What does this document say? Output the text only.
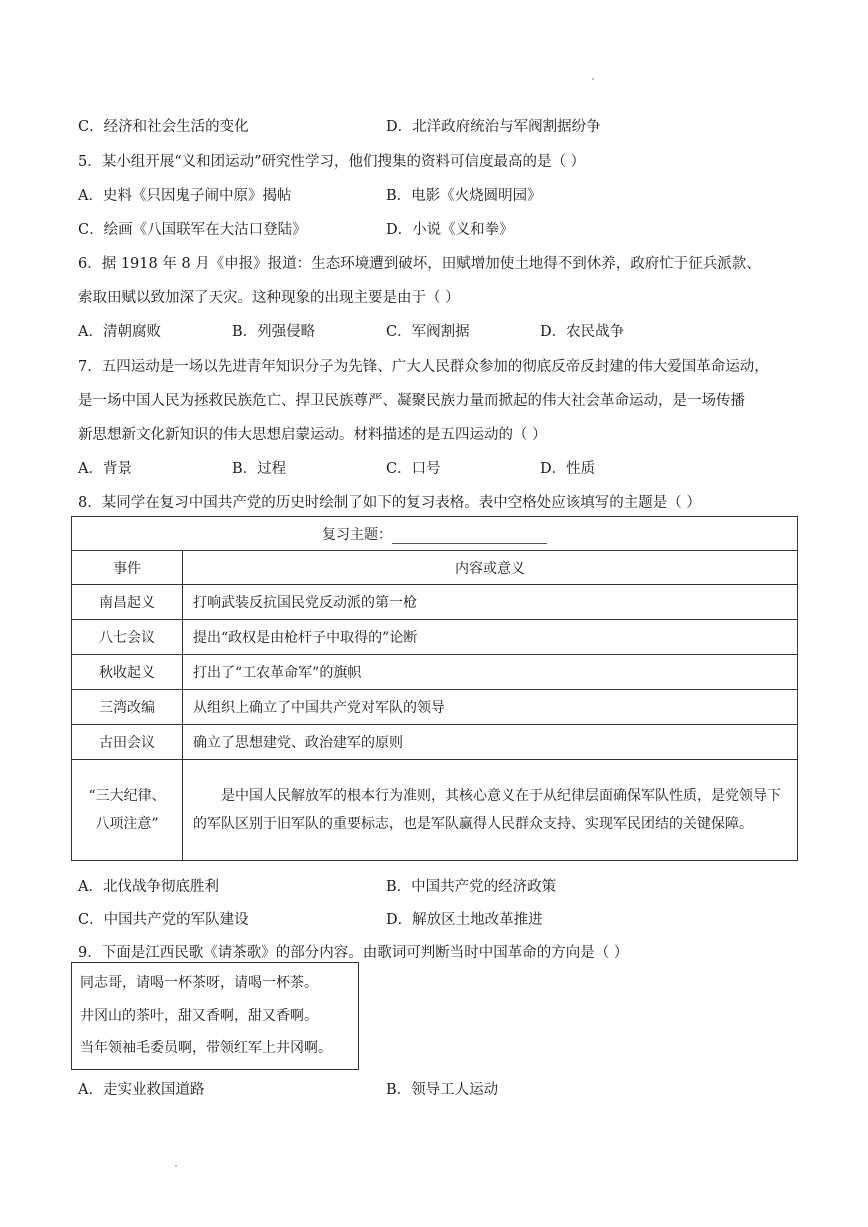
C．经济和社会生活的变化	D．北洋政府统治与军阀割据纷争
5．某小组开展“义和团运动”研究性学习，他们搜集的资料可信度最高的是（ ）
A．史料《只因鬼子闹中原》揭帖	B．电影《火烧圆明园》
C．绘画《八国联军在大沽口登陆》	D．小说《义和拳》
6．据 1918 年 8 月《申报》报道：生态环境遭到破坏，田赋增加使土地得不到休养，政府忙于征兵派款、
索取田赋以致加深了天灾。这种现象的出现主要是由于（ ）
A．清朝腐败	B．列强侵略	C．军阀割据	D．农民战争
7．五四运动是一场以先进青年知识分子为先锋、广大人民群众参加的彻底反帝反封建的伟大爱国革命运动，
是一场中国人民为拯救民族危亡、捍卫民族尊严、凝聚民族力量而掀起的伟大社会革命运动，是一场传播
新思想新文化新知识的伟大思想启蒙运动。材料描述的是五四运动的（ ）
A．背景	B．过程	C．口号	D．性质
8．某同学在复习中国共产党的历史时绘制了如下的复习表格。表中空格处应该填写的主题是（ ）
复习主题：	
事件	内容或意义
南昌起义	打响武装反抗国民党反动派的第一枪
八七会议	提出“政权是由枪杆子中取得的”论断
秋收起义	打出了“工农革命军”的旗帜
三湾改编	从组织上确立了中国共产党对军队的领导
古田会议	确立了思想建党、政治建军的原则

“三大纪律、
八项注意”	是中国人民解放军的根本行为准则，其核心意义在于从纪律层面确保军队性质，是党领导下的军队区别于旧军队的重要标志，也是军队赢得人民群众支持、实现军民团结的关键保障。
A．北伐战争彻底胜利	B．中国共产党的经济政策
C．中国共产党的军队建设	D．解放区土地改革推进
9．下面是江西民歌《请茶歌》的部分内容。由歌词可判断当时中国革命的方向是（ ）
同志哥，请喝一杯茶呀，请喝一杯茶。
井冈山的茶叶，甜又香啊，甜又香啊。
当年领袖毛委员啊，带领红军上井冈啊。
A．走实业救国道路	B．领导工人运动
